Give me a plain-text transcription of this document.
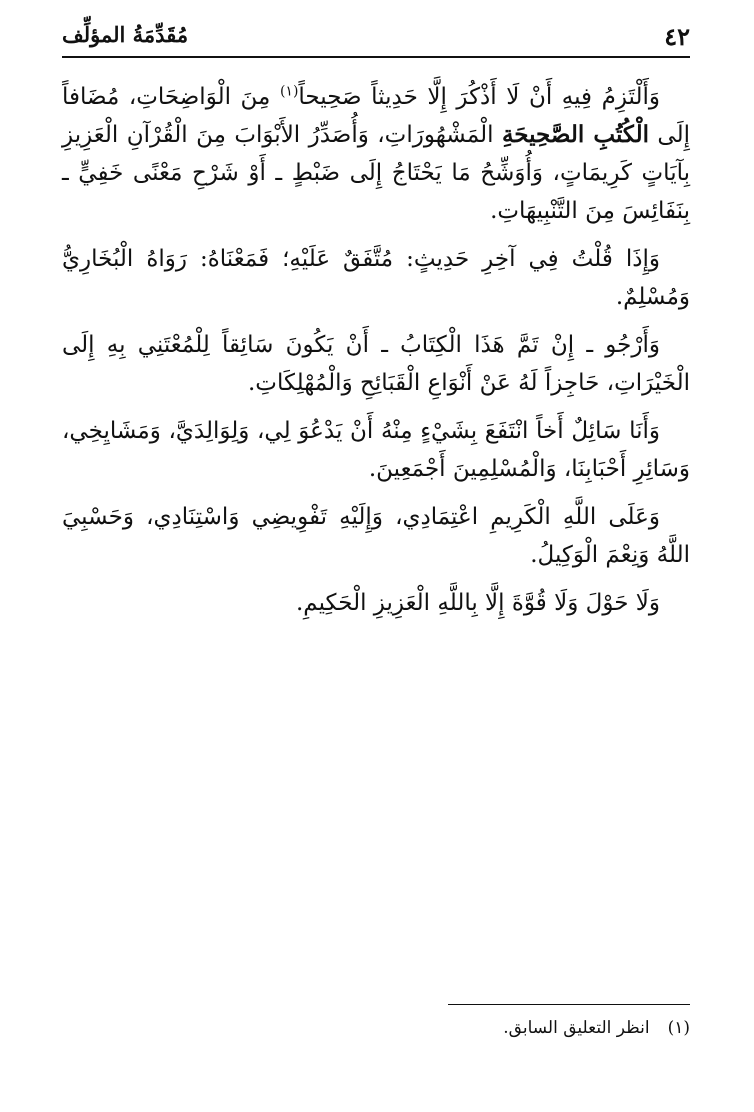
٤٢
مُقَدِّمَةُ المؤلِّف

وَأَلْتَزِمُ فِيهِ أَنْ لَا أَذْكُرَ إِلَّا حَدِيثاً صَحِيحاً$^{(١)}$ مِنَ الْوَاضِحَاتِ، مُضَافاً إِلَى الْكُتُبِ الصَّحِيحَةِ الْمَشْهُورَاتِ، وَأُصَدِّرُ الأَبْوَابَ مِنَ الْقُرْآنِ الْعَزِيزِ بِآيَاتٍ كَرِيمَاتٍ، وَأُوَشِّحُ مَا يَحْتَاجُ إِلَى ضَبْطٍ ـ أَوْ شَرْحِ مَعْنًى خَفِيٍّ ـ بِنَفَائِسَ مِنَ التَّنْبِيهَاتِ.

وَإِذَا قُلْتُ فِي آخِرِ حَدِيثٍ: مُتَّفَقٌ عَلَيْهِ؛ فَمَعْنَاهُ: رَوَاهُ الْبُخَارِيُّ وَمُسْلِمٌ.

وَأَرْجُو ـ إِنْ تَمَّ هَذَا الْكِتَابُ ـ أَنْ يَكُونَ سَائِقاً لِلْمُعْتَنِي بِهِ إِلَى الْخَيْرَاتِ، حَاجِزاً لَهُ عَنْ أَنْوَاعِ الْقَبَائِحِ وَالْمُهْلِكَاتِ.

وَأَنَا سَائِلٌ أَخاً انْتَفَعَ بِشَيْءٍ مِنْهُ أَنْ يَدْعُوَ لِي، وَلِوَالِدَيَّ، وَمَشَايِخِي، وَسَائِرِ أَحْبَابِنَا، وَالْمُسْلِمِينَ أَجْمَعِينَ.

وَعَلَى اللَّهِ الْكَرِيمِ اعْتِمَادِي، وَإِلَيْهِ تَفْوِيضِي وَاسْتِنَادِي، وَحَسْبِيَ اللَّهُ وَنِعْمَ الْوَكِيلُ.

وَلَا حَوْلَ وَلَا قُوَّةَ إِلَّا بِاللَّهِ الْعَزِيزِ الْحَكِيمِ.

(١)انظر التعليق السابق.
